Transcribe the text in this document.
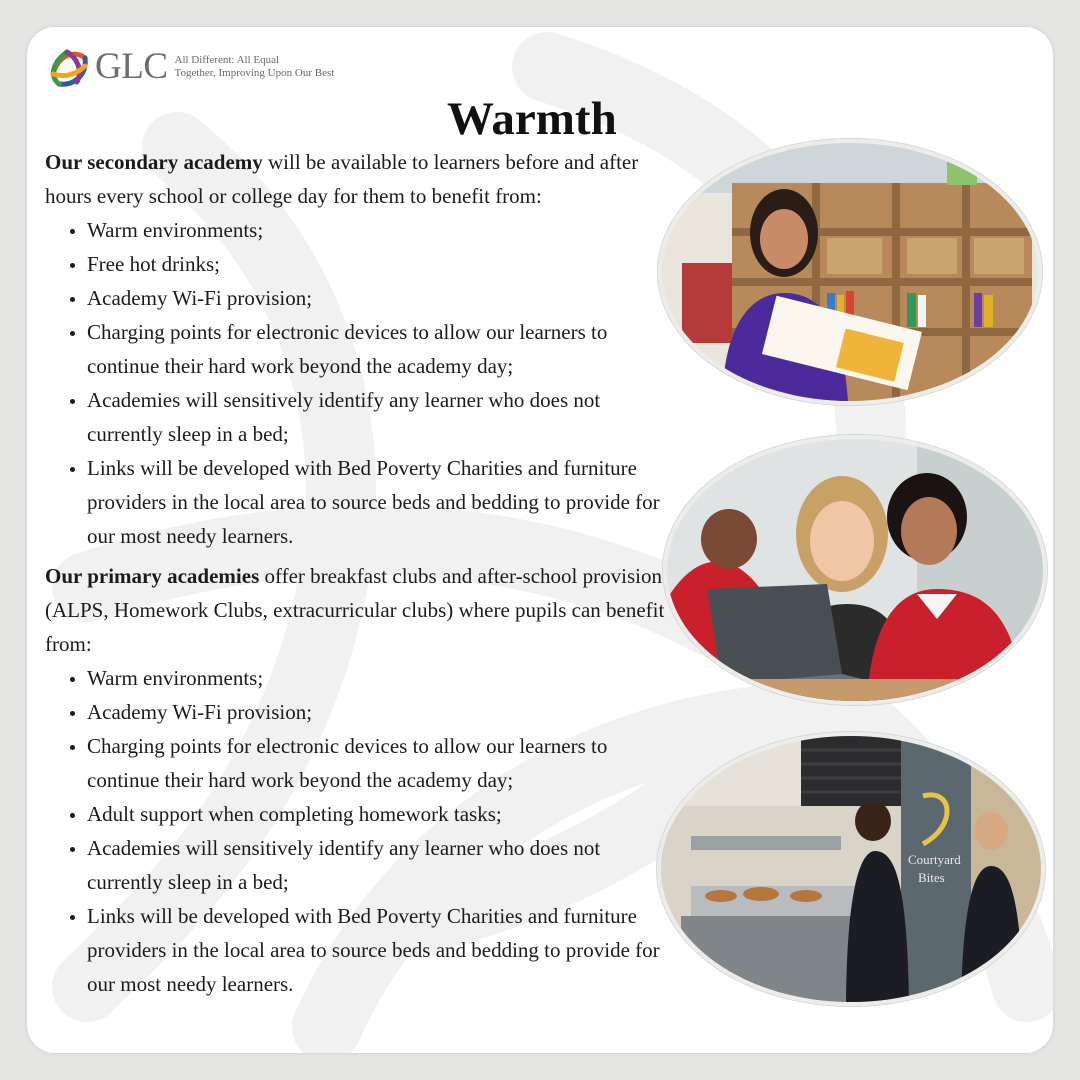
GLC All Different: All Equal
Together, Improving Upon Our Best
Warmth

Our secondary academy will be available to learners before and after hours every school or college day for them to benefit from:

• Warm environments;
• Free hot drinks;
• Academy Wi-Fi provision;
• Charging points for electronic devices to allow our learners to continue their hard work beyond the academy day;
• Academies will sensitively identify any learner who does not currently sleep in a bed;
• Links will be developed with Bed Poverty Charities and furniture providers in the local area to source beds and bedding to provide for our most needy learners.

Our primary academies offer breakfast clubs and after-school provision (ALPS, Homework Clubs, extracurricular clubs) where pupils can benefit from:

• Warm environments;
• Academy Wi-Fi provision;
• Charging points for electronic devices to allow our learners to continue their hard work beyond the academy day;
• Adult support when completing homework tasks;
• Academies will sensitively identify any learner who does not currently sleep in a bed;
• Links will be developed with Bed Poverty Charities and furniture providers in the local area to source beds and bedding to provide for our most needy learners.
Courtyard
Bites
